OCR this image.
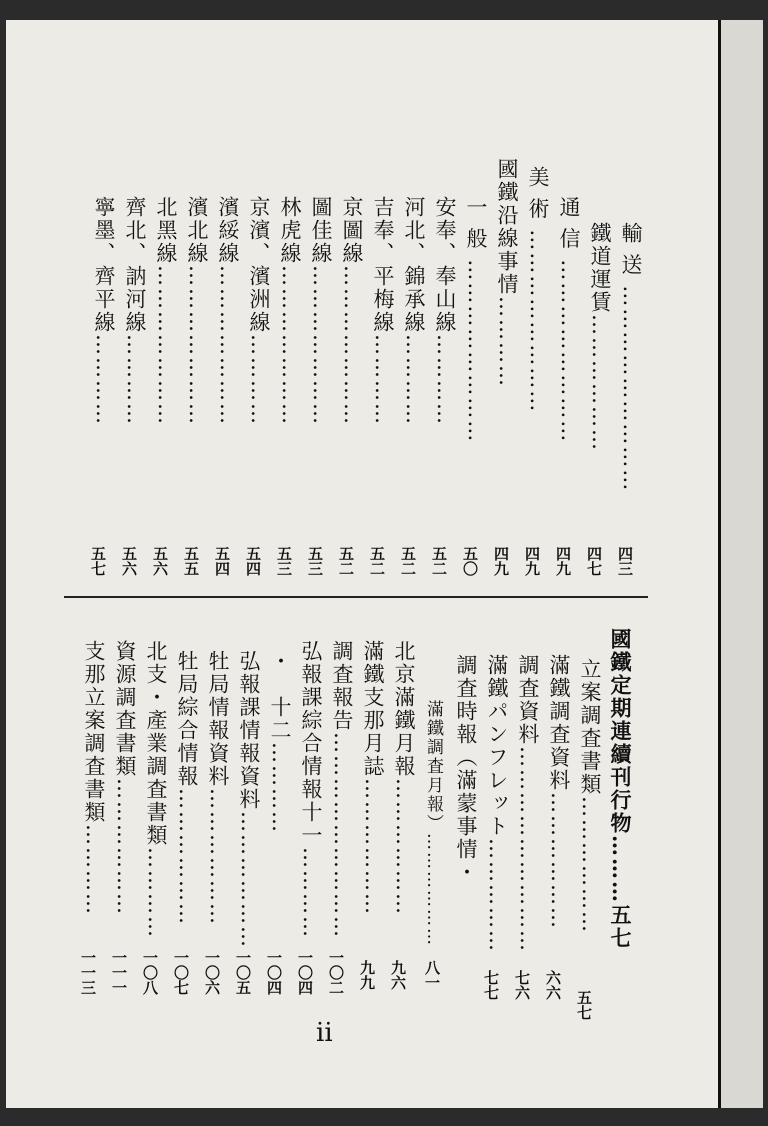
輸 送 ………………………
四三
鐵道運賃………………
四七
通 信 ……………………
四九
美 術 ……………………
四九
國鐵沿線事情…………
四九
一 般 ……………………
五〇
安奉、奉山線…………
五二
河北、錦承線…………
五二
吉奉、平梅線…………
五二
京圖線…………………
五二
圖佳線…………………
五三
林虎線…………………
五三
京濱、濱洲線…………
五四
濱綏線…………………
五四
濱北線…………………
五五
北黑線…………………
五六
齊北、訥河線…………
五六
寧墨、齊平線…………
五七
國鐵定期連續刊行物………五七
立案調査書類………………
五七
滿鐵調査資料………………
六六
調査資料………………………
七六
滿鐵パンフレット……………
七七
調査時報（滿蒙事情・
滿鐵調査月報）………………
八一
北京滿鐵月報………………
九六
滿鐵支那月誌………………
九九
調査報告………………………
一〇二
弘報課綜合情報十一…………
一〇四
・　十二…………
一〇四
弘報課情報資料………………
一〇五
牡局情報資料………………
一〇六
牡局綜合情報………………
一〇七
北支・產業調査書類…………
一〇八
資源調査書類………………
一一一
支那立案調査書類…………
一一三
ii
